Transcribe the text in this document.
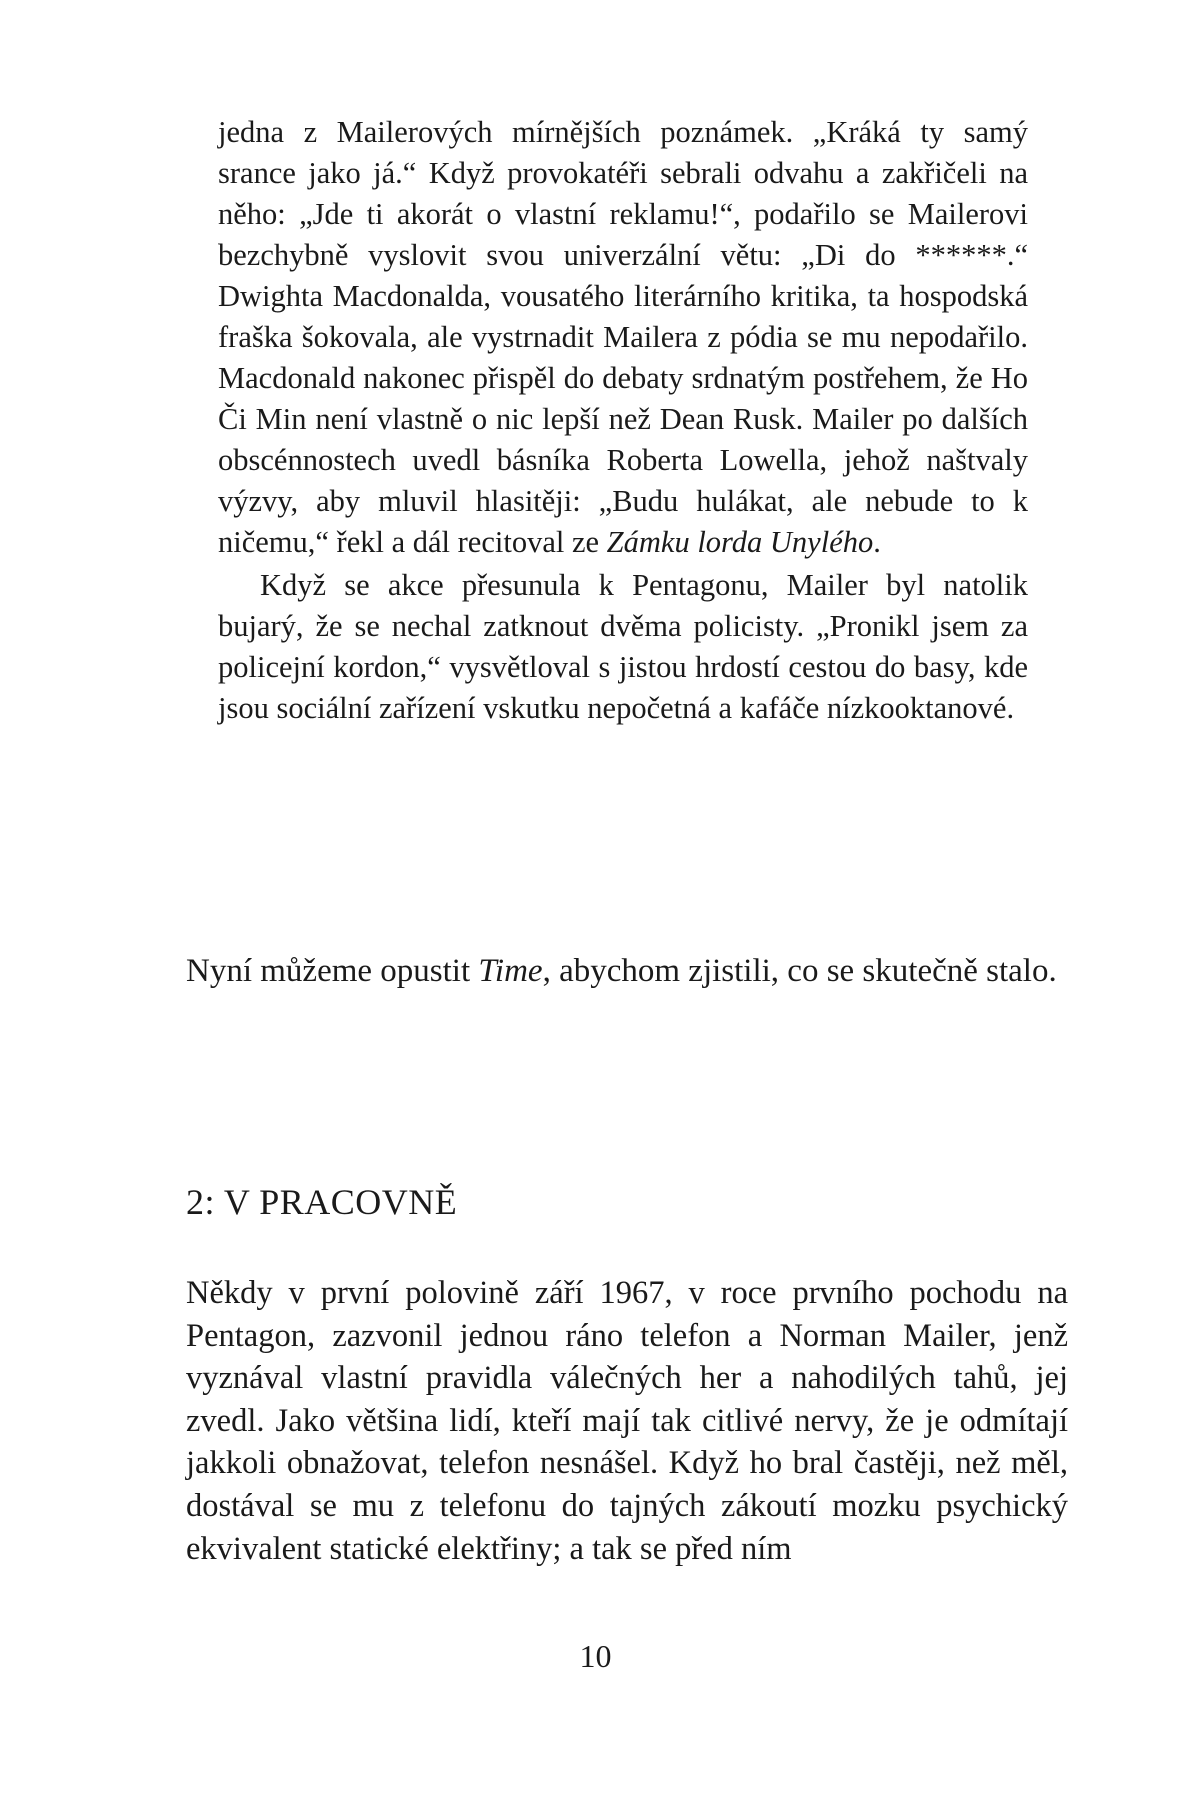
jedna z Mailerových mírnějších poznámek. „Kráká ty samý srance jako já.“ Když provokatéři sebrali odvahu a zakřičeli na něho: „Jde ti akorát o vlastní reklamu!“, podařilo se Mailerovi bezchybně vyslovit svou univerzální větu: „Di do ******.“ Dwighta Macdonalda, vousatého literárního kritika, ta hospodská fraška šokovala, ale vystrnadit Mailera z pódia se mu nepodařilo. Macdonald nakonec přispěl do debaty srdnatým postřehem, že Ho Či Min není vlastně o nic lepší než Dean Rusk. Mailer po dalších obscénnostech uvedl básníka Roberta Lowella, jehož naštvaly výzvy, aby mluvil hlasitěji: „Budu hulákat, ale nebude to k ničemu,“ řekl a dál recitoval ze Zámku lorda Unylého.

Když se akce přesunula k Pentagonu, Mailer byl natolik bujarý, že se nechal zatknout dvěma policisty. „Pronikl jsem za policejní kordon,“ vysvětloval s jistou hrdostí cestou do basy, kde jsou sociální zařízení vskutku nepočetná a kafáče nízkooktanové.

Nyní můžeme opustit Time, abychom zjistili, co se skutečně stalo.

2: V PRACOVNĚ

Někdy v první polovině září 1967, v roce prvního pochodu na Pentagon, zazvonil jednou ráno telefon a Norman Mailer, jenž vyznával vlastní pravidla válečných her a nahodilých tahů, jej zvedl. Jako většina lidí, kteří mají tak citlivé nervy, že je odmítají jakkoli obnažovat, telefon nesnášel. Když ho bral častěji, než měl, dostával se mu z telefonu do tajných zákoutí mozku psychický ekvivalent statické elektřiny; a tak se před ním

10
